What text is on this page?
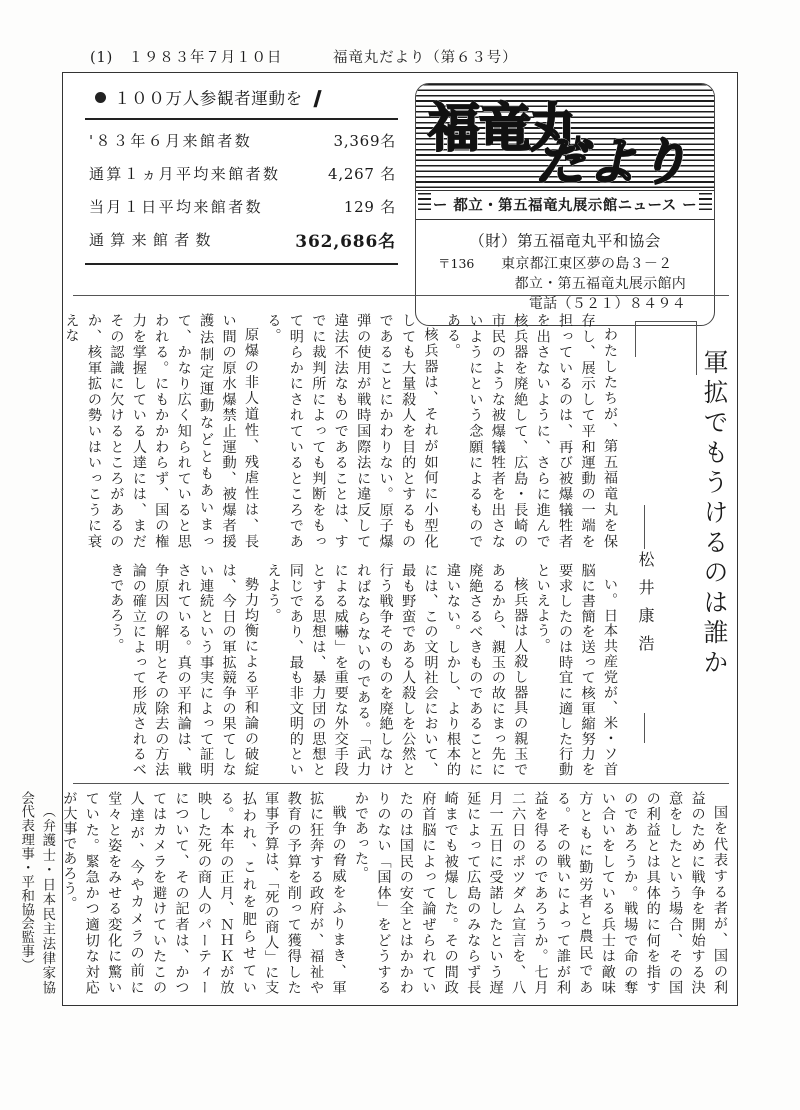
(1)　１９８３年７月１０日	福竜丸だより（第６３号）
１００万人参観者運動を ❙
'８３年６月来館者数	3,369名
通算１ヵ月平均来館者数	4,267 名
当月１日平均来館者数	129 名
通算来館者数	362,686名
福竜丸
だより
ー 都立・第五福竜丸展示館ニュース ー
（財）第五福竜丸平和協会
〒136 東京都江東区夢の島３－２
都立・第五福竜丸展示館内
電話（５２１）８４９４
軍拡でもうけるのは誰か
松井康浩

わたしたちが、第五福竜丸を保存し、展示して平和運動の一端を担っているのは、再び被爆犠牲者を出さないように、さらに進んで核兵器を廃絶して、広島・長崎の市民のような被爆犠牲者を出さないようにという念願によるものである。

核兵器は、それが如何に小型化しても大量殺人を目的とするものであることにかわりない。原子爆弾の使用が戦時国際法に違反して違法不法なものであることは、すでに裁判所によっても判断をもって明らかにされているところである。

原爆の非人道性、残虐性は、長い間の原水爆禁止運動、被爆者援護法制定運動などともあいまって、かなり広く知られていると思われる。にもかかわらず、国の権力を掌握している人達には、まだその認識に欠けるところがあるのか、核軍拡の勢いはいっこうに衰えな

い。日本共産党が、米・ソ首脳に書簡を送って核軍縮努力を要求したのは時宜に適した行動といえよう。

核兵器は人殺し器具の親玉であるから、親玉の故にまっ先に廃絶さるべきものであることに違いない。しかし、より根本的には、この文明社会において、最も野蛮である人殺しを公然と行う戦争そのものを廃絶しなければならないのである。「武力による威嚇」を重要な外交手段とする思想は、暴力団の思想と同じであり、最も非文明的といえよう。

勢力均衡による平和論の破綻は、今日の軍拡競争の果てしない連続という事実によって証明されている。真の平和論は、戦争原因の解明とその除去の方法論の確立によって形成されるべきであろう。

国を代表する者が、国の利益のために戦争を開始する決意をしたという場合、その国の利益とは具体的に何を指すのであろうか。戦場で命の奪い合いをしている兵士は敵味方ともに勤労者と農民である。その戦いによって誰が利益を得るのであろうか。七月二六日のポツダム宣言を、八月一五日に受諾したという遅延によって広島のみならず長崎までも被爆した。その間政府首脳によって論ぜられていたのは国民の安全とはかかわりのない「国体」をどうするかであった。

戦争の脅威をふりまき、軍拡に狂奔する政府が、福祉や教育の予算を削って獲得した軍事予算は、「死の商人」に支払われ、これを肥らせている。本年の正月、ＮＨＫが放映した死の商人のパーティーについて、その記者は、かつてはカメラを避けていたこの人達が、今やカメラの前に堂々と姿をみせる変化に驚いていた。緊急かつ適切な対応が大事であろう。

（弁護士・日本民主法律家協会代表理事・平和協会監事）
